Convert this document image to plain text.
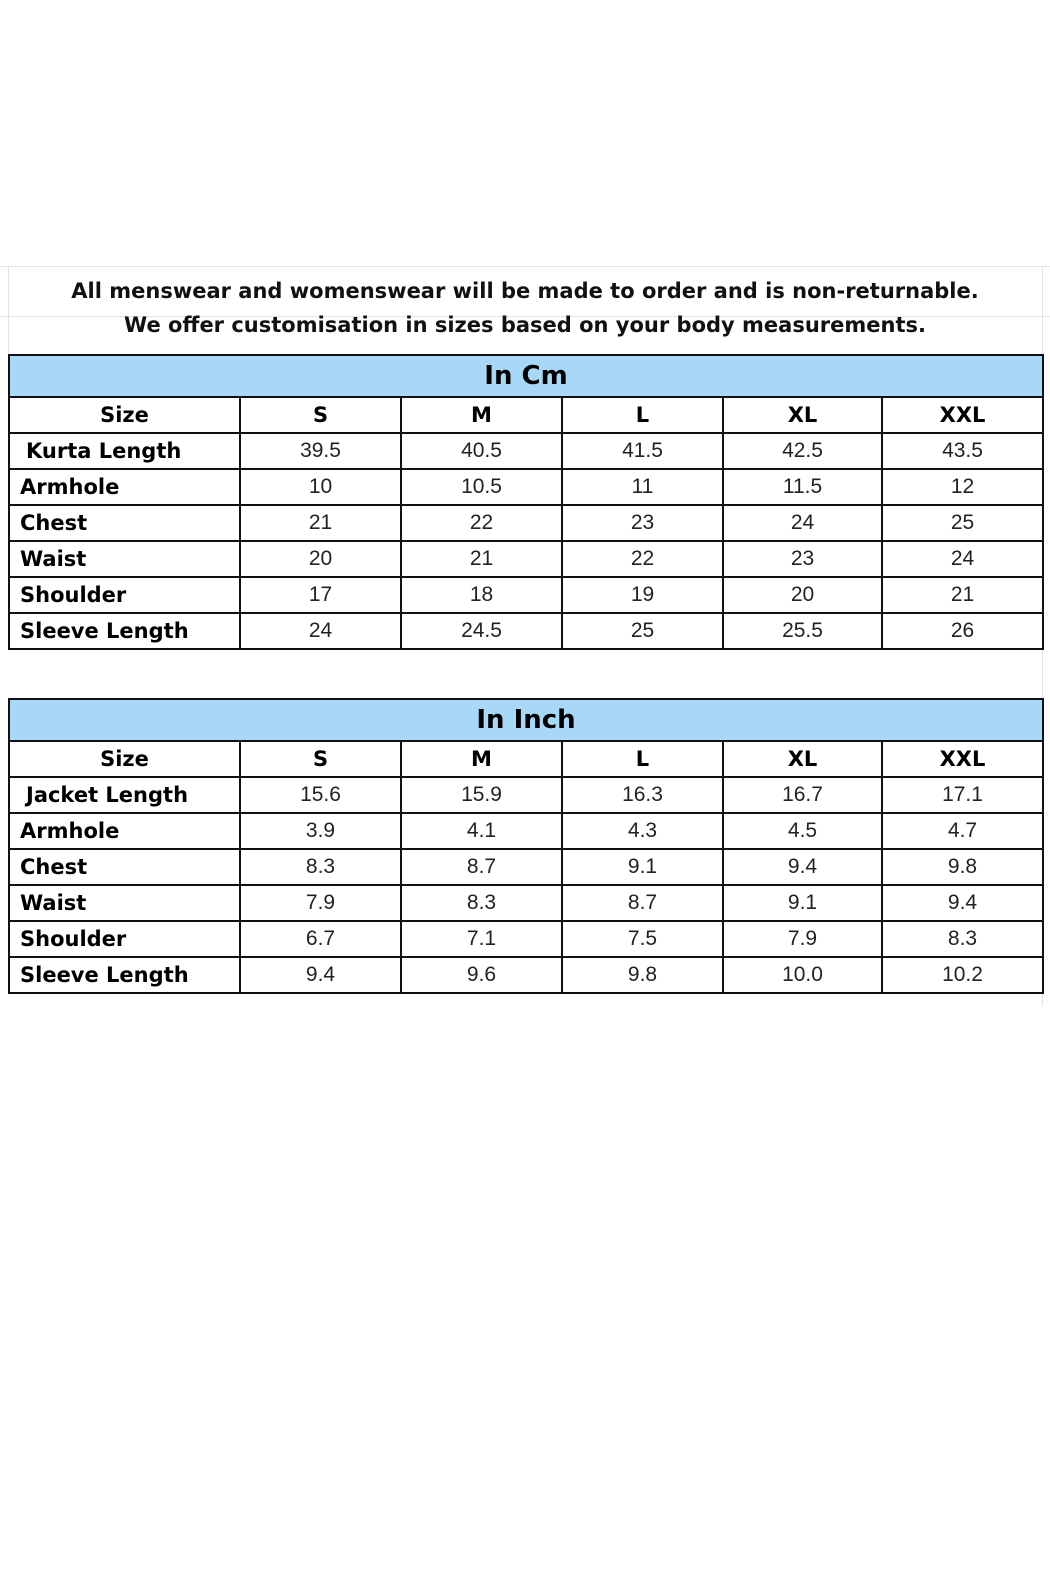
All menswear and womenswear will be made to order and is non-returnable.
We offer customisation in sizes based on your body measurements.
In Cm					
Size	S	M	L	XL	XXL
Kurta Length	39.5	40.5	41.5	42.5	43.5
Armhole	10	10.5	11	11.5	12
Chest	21	22	23	24	25
Waist	20	21	22	23	24
Shoulder	17	18	19	20	21
Sleeve Length	24	24.5	25	25.5	26
In Inch					
Size	S	M	L	XL	XXL
Jacket Length	15.6	15.9	16.3	16.7	17.1
Armhole	3.9	4.1	4.3	4.5	4.7
Chest	8.3	8.7	9.1	9.4	9.8
Waist	7.9	8.3	8.7	9.1	9.4
Shoulder	6.7	7.1	7.5	7.9	8.3
Sleeve Length	9.4	9.6	9.8	10.0	10.2
